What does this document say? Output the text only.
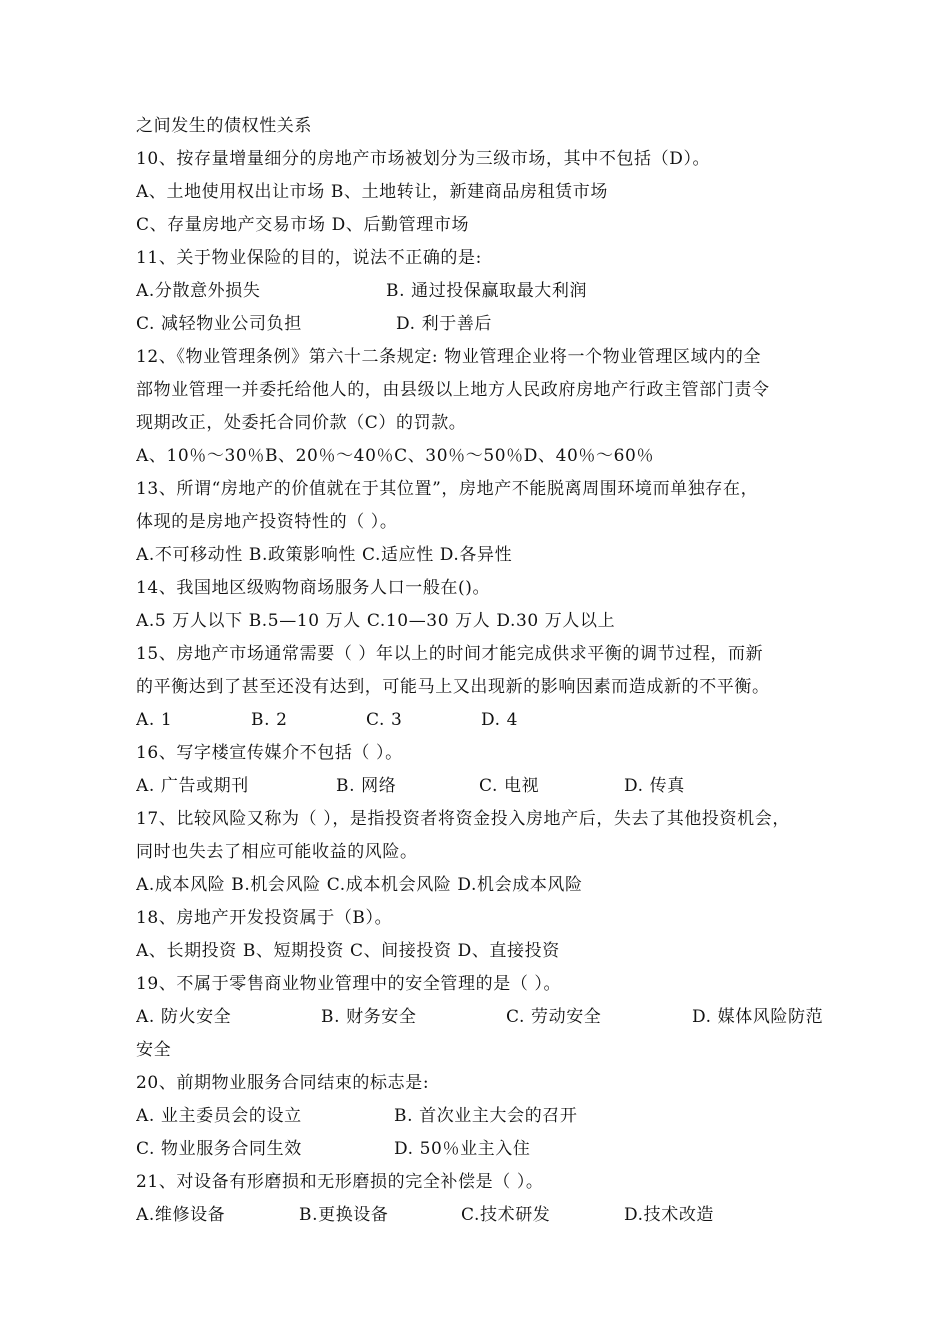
之间发生的债权性关系
10、按存量增量细分的房地产市场被划分为三级市场，其中不包括（D）。
A、土地使用权出让市场 B、土地转让，新建商品房租赁市场
C、存量房地产交易市场 D、后勤管理市场
11、关于物业保险的目的，说法不正确的是:
A.分散意外损失	B. 通过投保赢取最大利润
C. 减轻物业公司负担	D. 利于善后
12、《物业管理条例》第六十二条规定: 物业管理企业将一个物业管理区域内的全
部物业管理一并委托给他人的，由县级以上地方人民政府房地产行政主管部门责令
现期改正，处委托合同价款（C）的罚款。
A、10％～30％B、20％～40％C、30％～50％D、40％～60％
13、所谓“房地产的价值就在于其位置”，房地产不能脱离周围环境而单独存在，
体现的是房地产投资特性的（ ）。
A.不可移动性 B.政策影响性 C.适应性 D.各异性
14、我国地区级购物商场服务人口一般在()。
A.5 万人以下 B.5—10 万人 C.10—30 万人 D.30 万人以上
15、房地产市场通常需要（ ）年以上的时间才能完成供求平衡的调节过程，而新
的平衡达到了甚至还没有达到，可能马上又出现新的影响因素而造成新的不平衡。
A. 1	B. 2	C. 3	D. 4
16、写字楼宣传媒介不包括（ ）。
A. 广告或期刊	B. 网络	C. 电视	D. 传真
17、比较风险又称为（ ），是指投资者将资金投入房地产后，失去了其他投资机会，
同时也失去了相应可能收益的风险。
A.成本风险 B.机会风险 C.成本机会风险 D.机会成本风险
18、房地产开发投资属于（B）。
A、长期投资 B、短期投资 C、间接投资 D、直接投资
19、不属于零售商业物业管理中的安全管理的是（ ）。
A. 防火安全	B. 财务安全	C. 劳动安全	D. 媒体风险防范
安全
20、前期物业服务合同结束的标志是:
A. 业主委员会的设立	B. 首次业主大会的召开
C. 物业服务合同生效	D. 50％业主入住
21、对设备有形磨损和无形磨损的完全补偿是（ ）。
A.维修设备	B.更换设备	C.技术研发	D.技术改造
